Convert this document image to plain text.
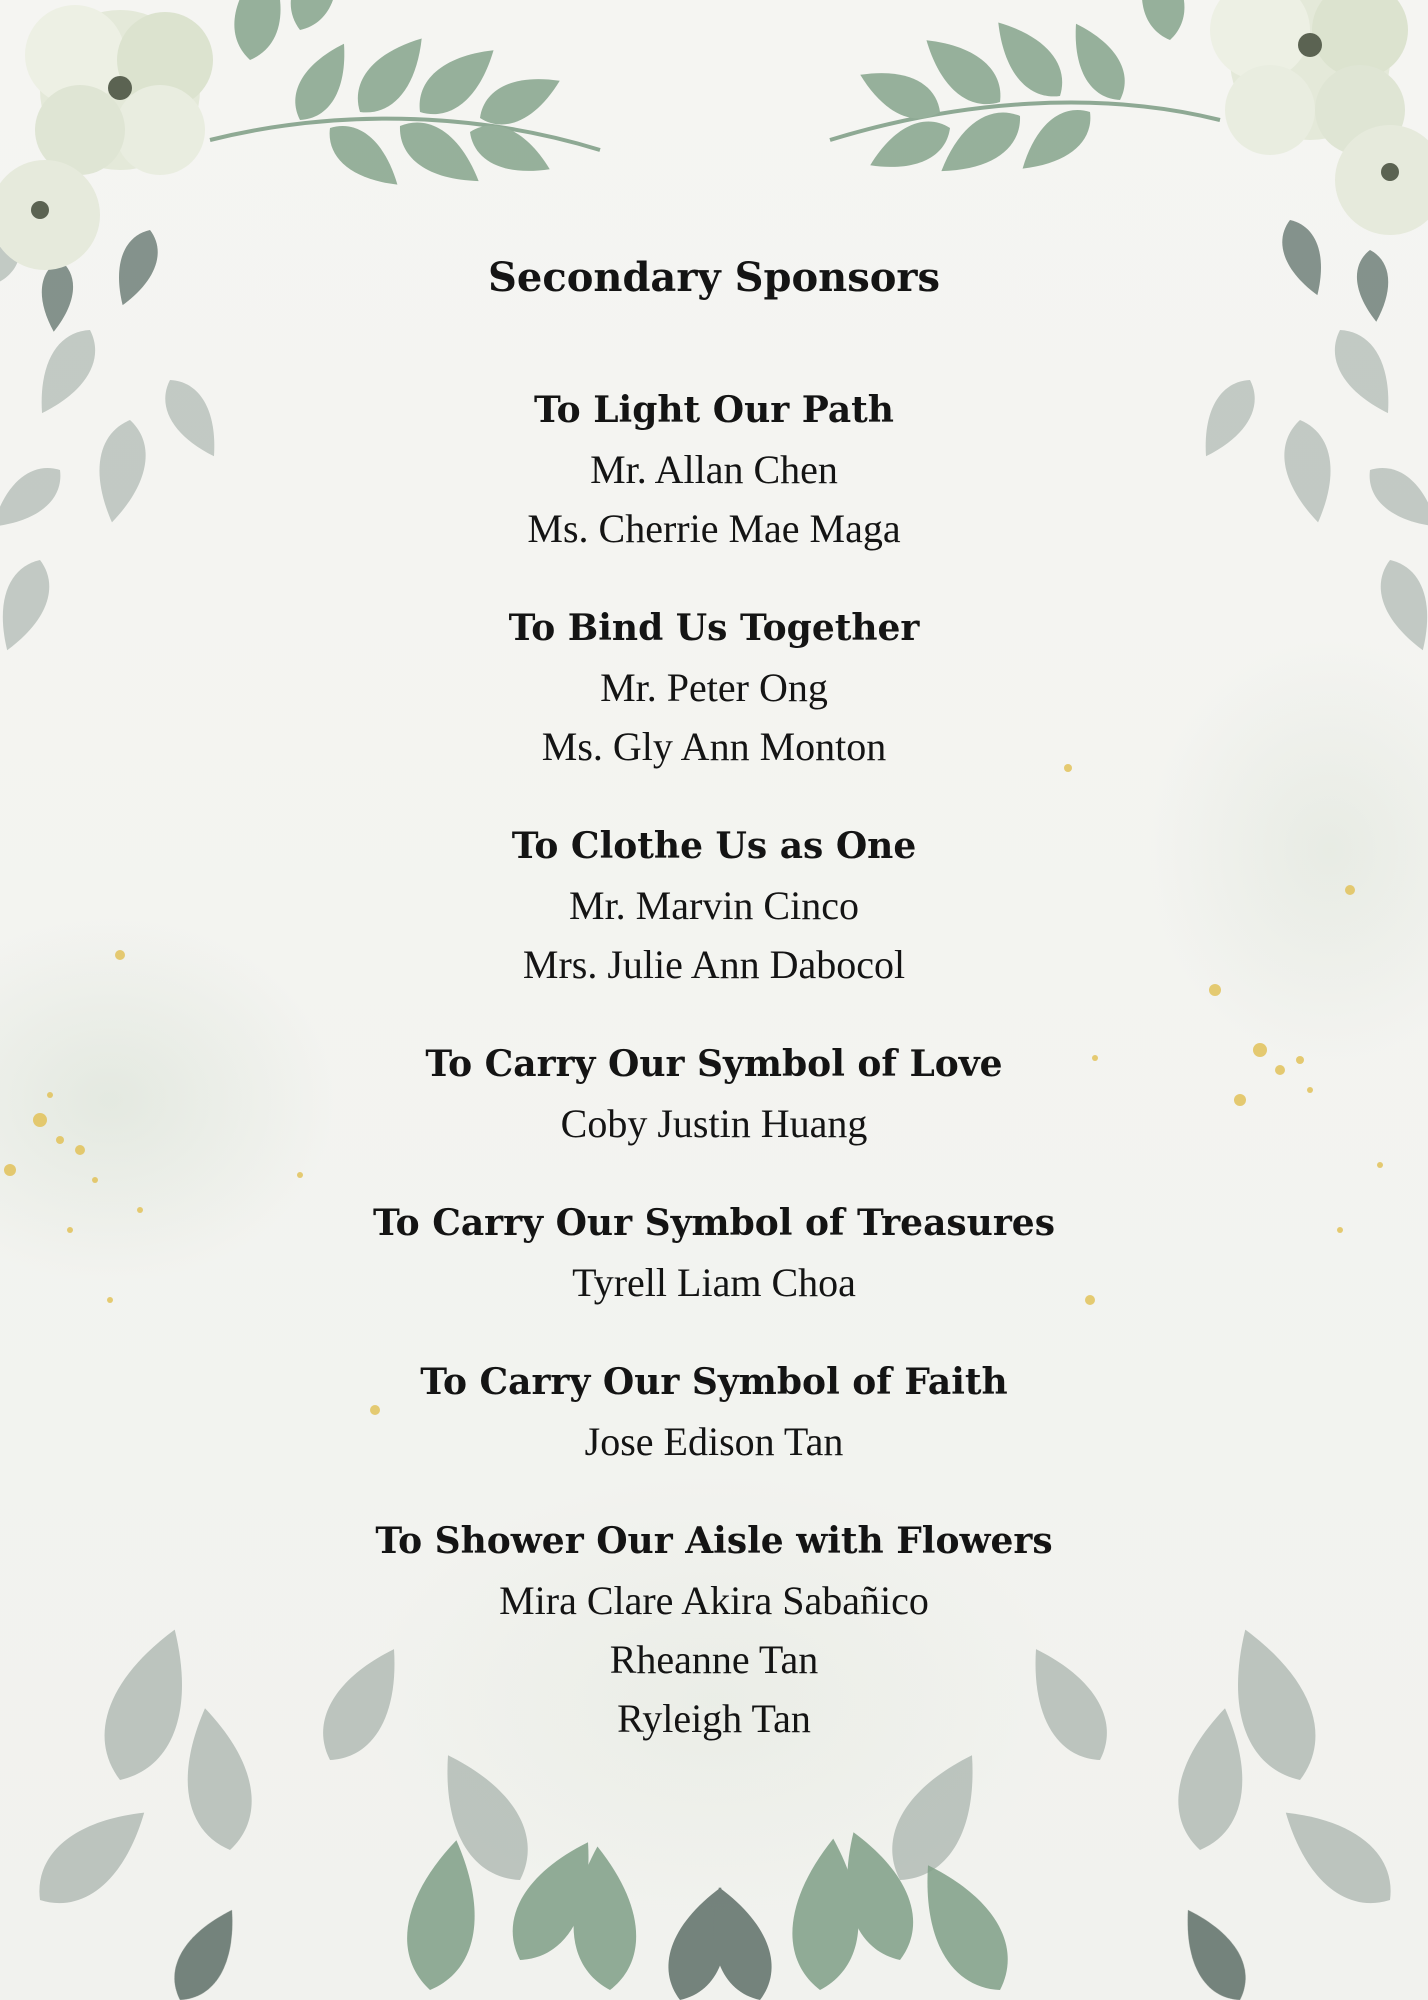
Secondary Sponsors
To Light Our Path
Mr. Allan Chen
Ms. Cherrie Mae Maga
To Bind Us Together
Mr. Peter Ong
Ms. Gly Ann Monton
To Clothe Us as One
Mr. Marvin Cinco
Mrs. Julie Ann Dabocol
To Carry Our Symbol of Love
Coby Justin Huang
To Carry Our Symbol of Treasures
Tyrell Liam Choa
To Carry Our Symbol of Faith
Jose Edison Tan
To Shower Our Aisle with Flowers
Mira Clare Akira Sabañico
Rheanne Tan
Ryleigh Tan
